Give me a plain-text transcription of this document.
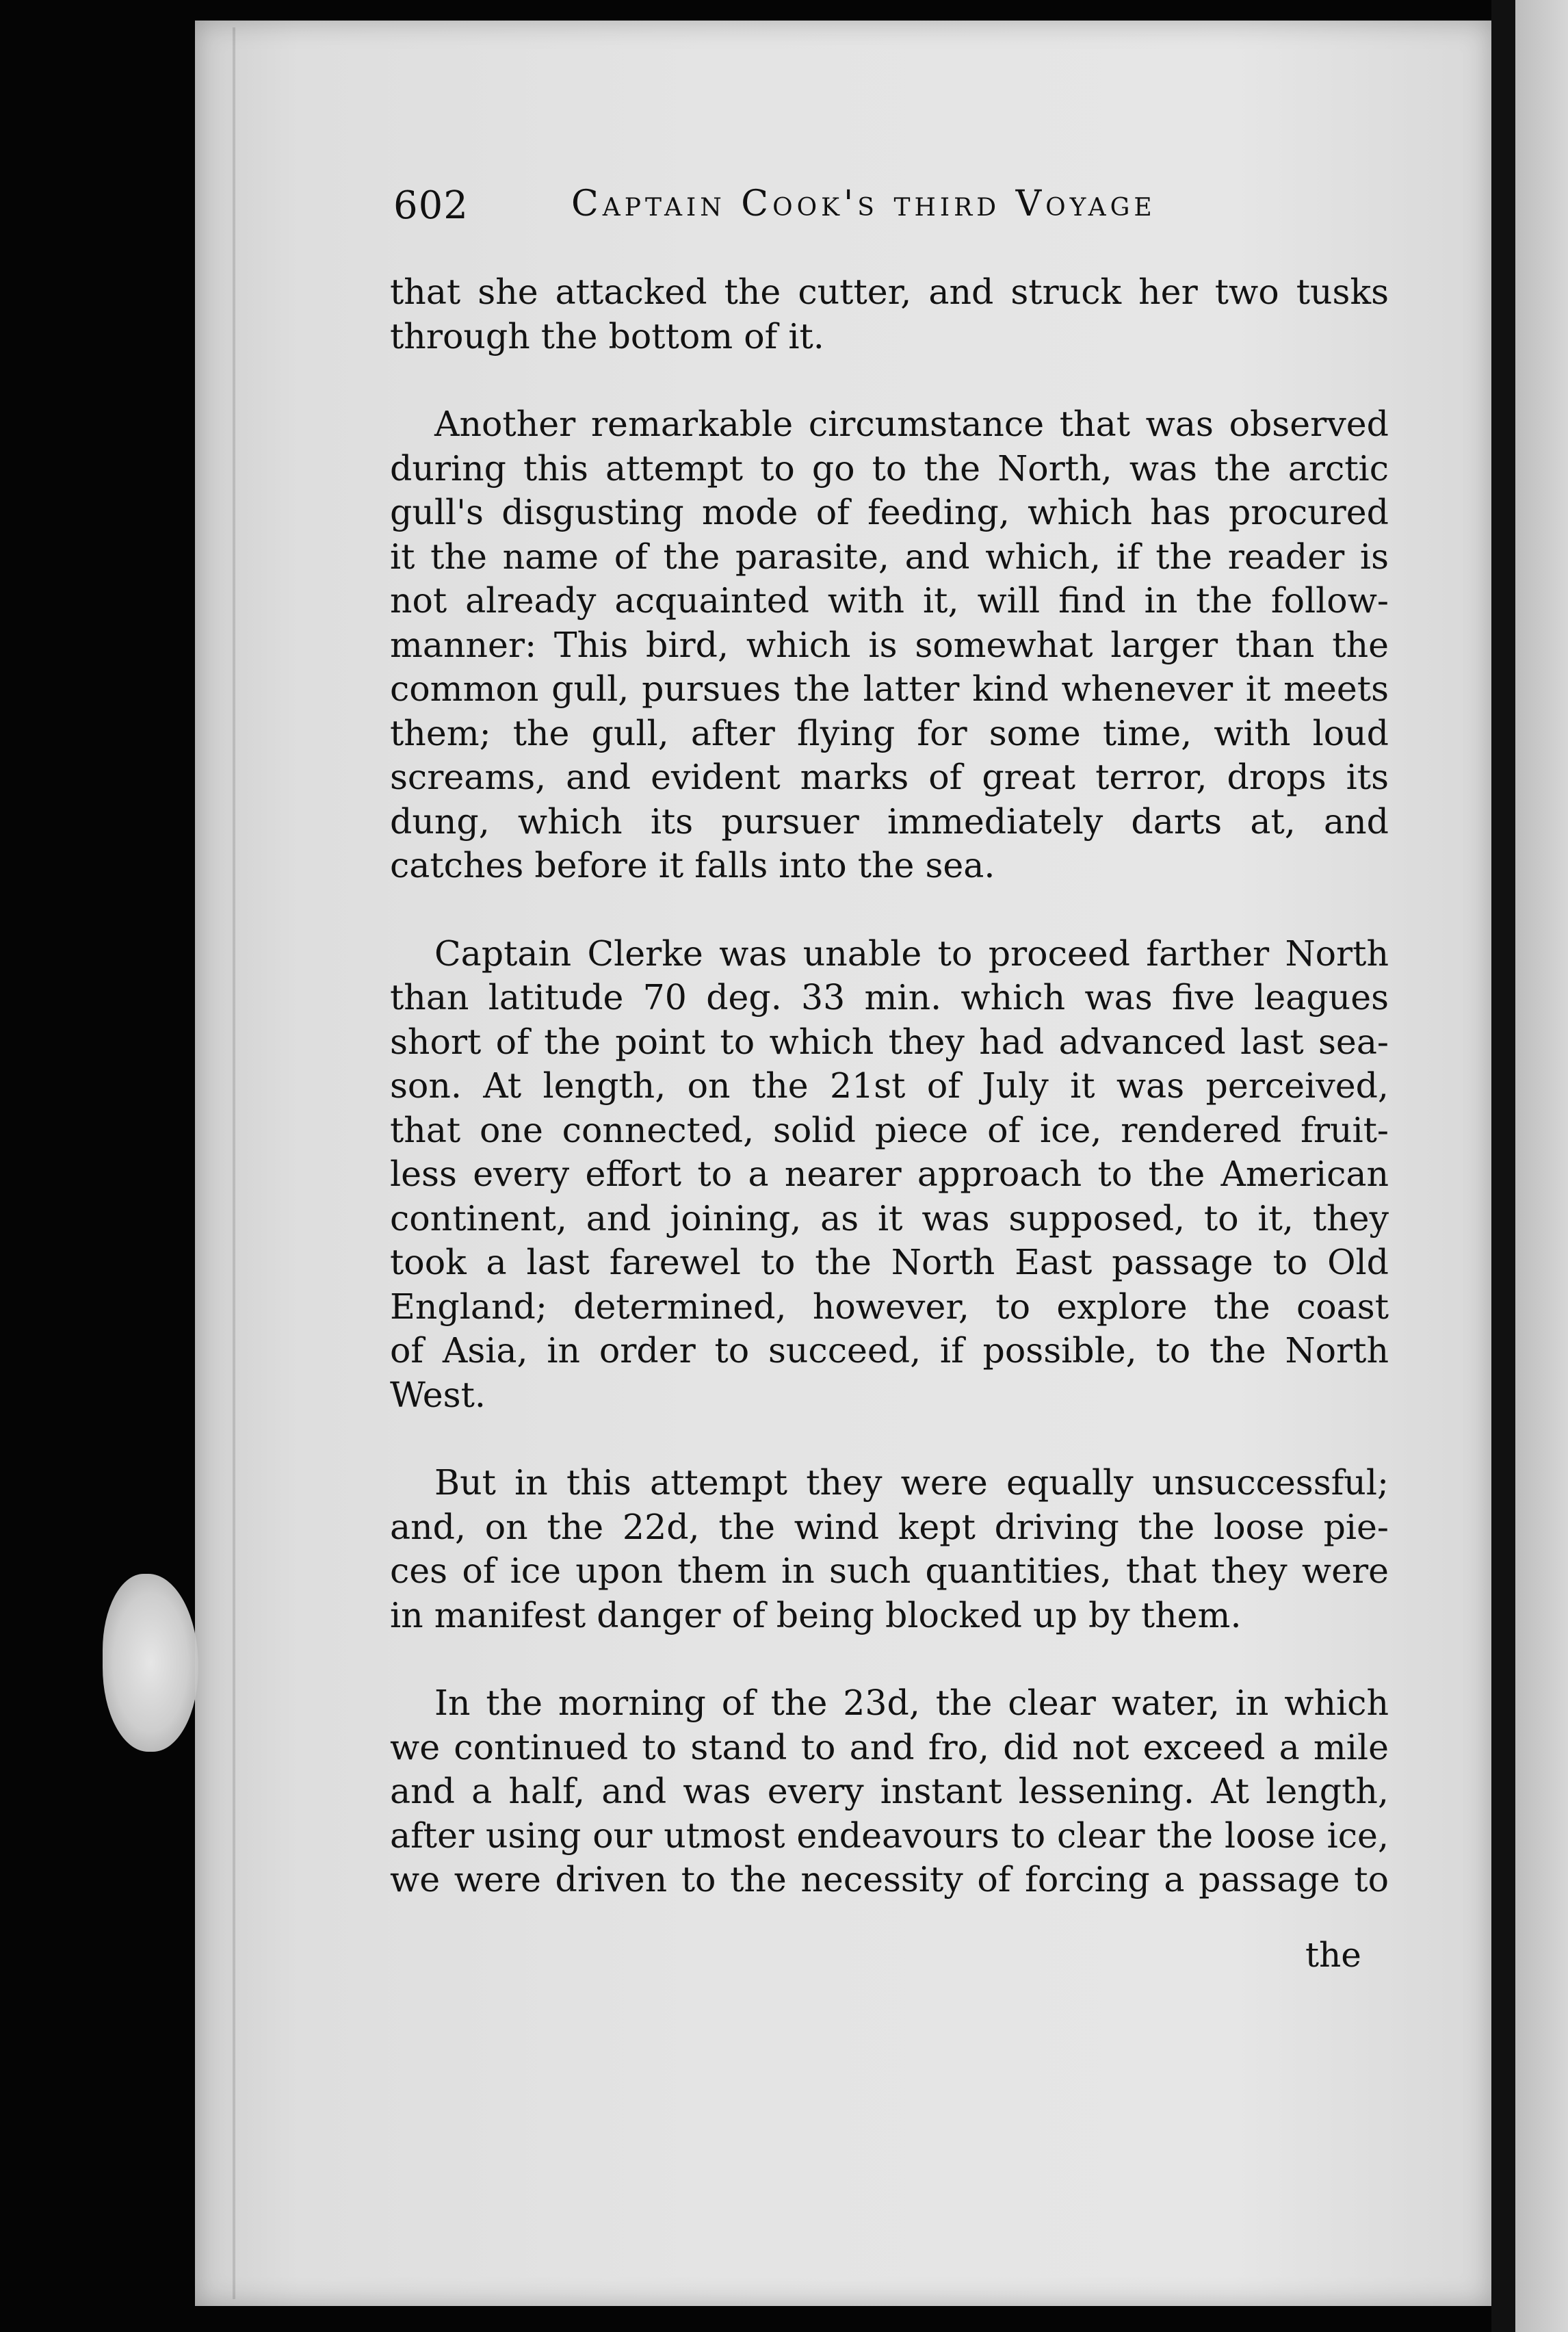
602	Captain Cook's third Voyage

that she attacked the cutter, and struck her two tusks
through the bottom of it.

Another remarkable circumstance that was observed
during this attempt to go to the North, was the arctic
gull's disgusting mode of feeding, which has procured
it the name of the parasite, and which, if the reader is
not already acquainted with it, will find in the follow-
manner: This bird, which is somewhat larger than the
common gull, pursues the latter kind whenever it meets
them; the gull, after flying for some time, with loud
screams, and evident marks of great terror, drops its
dung, which its pursuer immediately darts at, and
catches before it falls into the sea.

Captain Clerke was unable to proceed farther North
than latitude 70 deg. 33 min. which was five leagues
short of the point to which they had advanced last sea-
son. At length, on the 21st of July it was perceived,
that one connected, solid piece of ice, rendered fruit-
less every effort to a nearer approach to the American
continent, and joining, as it was supposed, to it, they
took a last farewel to the North East passage to Old
England; determined, however, to explore the coast
of Asia, in order to succeed, if possible, to the North
West.

But in this attempt they were equally unsuccessful;
and, on the 22d, the wind kept driving the loose pie-
ces of ice upon them in such quantities, that they were
in manifest danger of being blocked up by them.

In the morning of the 23d, the clear water, in which
we continued to stand to and fro, did not exceed a mile
and a half, and was every instant lessening. At length,
after using our utmost endeavours to clear the loose ice,
we were driven to the necessity of forcing a passage to

the
